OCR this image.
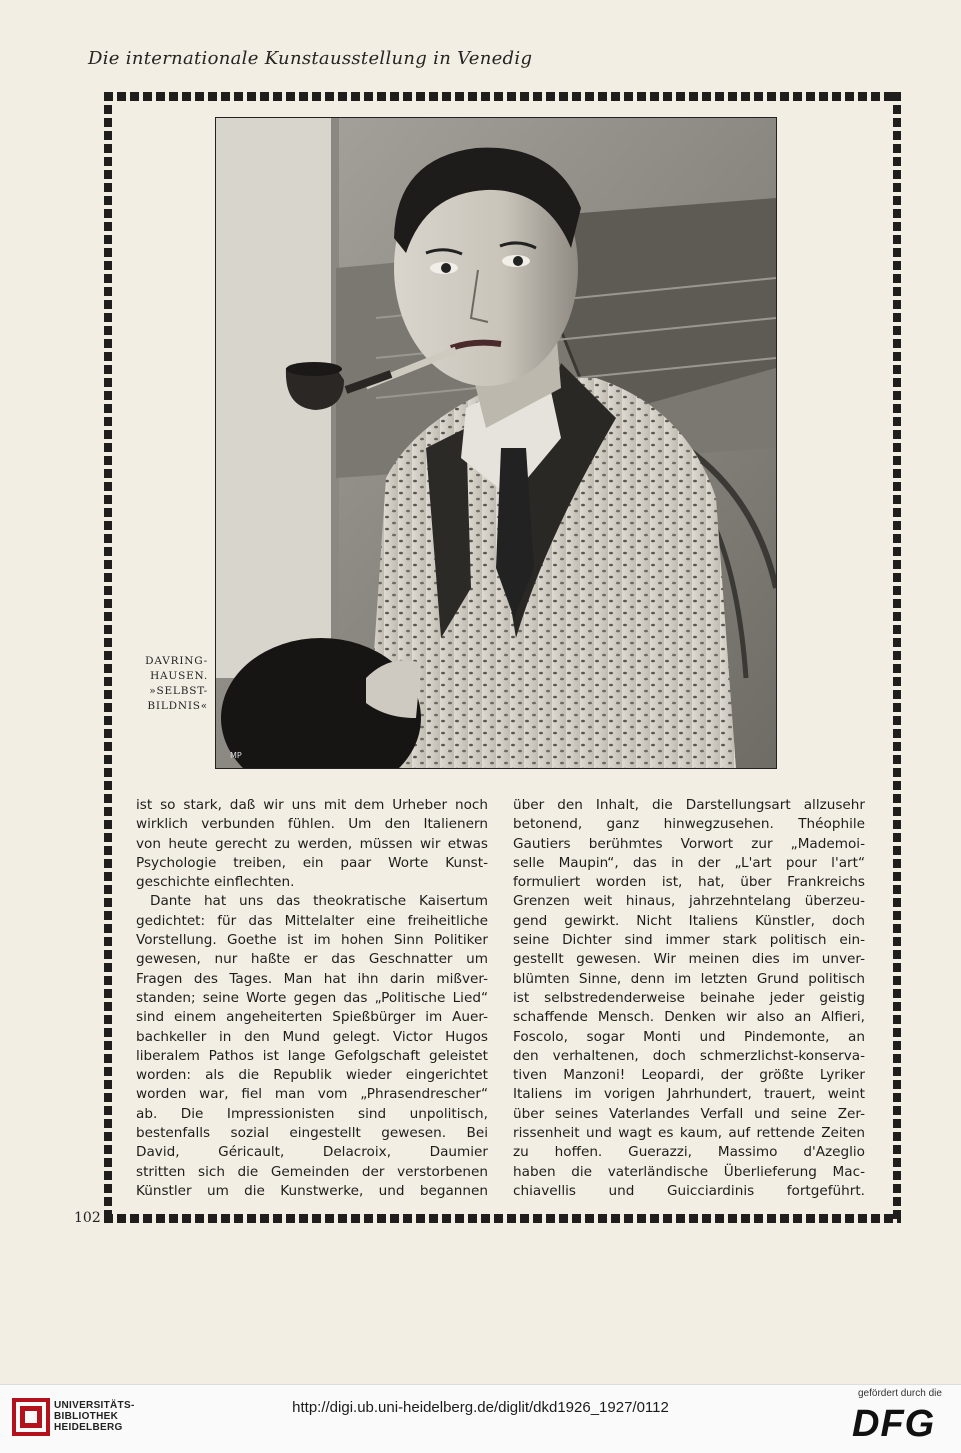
Die internationale Kunstausstellung in Venedig
MP
DAVRING-
HAUSEN.
»SELBST-
BILDNIS«
ist so stark, daß wir uns mit dem Urheber noch
wirklich verbunden fühlen. Um den Italienern
von heute gerecht zu werden, müssen wir etwas
Psychologie treiben, ein paar Worte Kunst-
geschichte einflechten.
Dante hat uns das theokratische Kaisertum
gedichtet: für das Mittelalter eine freiheitliche
Vorstellung. Goethe ist im hohen Sinn Politiker
gewesen, nur haßte er das Geschnatter um
Fragen des Tages. Man hat ihn darin mißver-
standen; seine Worte gegen das „Politische Lied“
sind einem angeheiterten Spießbürger im Auer-
bachkeller in den Mund gelegt. Victor Hugos
liberalem Pathos ist lange Gefolgschaft geleistet
worden: als die Republik wieder eingerichtet
worden war, fiel man vom „Phrasendrescher“
ab. Die Impressionisten sind unpolitisch,
bestenfalls sozial eingestellt gewesen. Bei
David, Géricault, Delacroix, Daumier
stritten sich die Gemeinden der verstorbenen
Künstler um die Kunstwerke, und begannen
über den Inhalt, die Darstellungsart allzusehr
betonend, ganz hinwegzusehen. Théophile
Gautiers berühmtes Vorwort zur „Mademoi-
selle Maupin“, das in der „L'art pour l'art“
formuliert worden ist, hat, über Frankreichs
Grenzen weit hinaus, jahrzehntelang überzeu-
gend gewirkt. Nicht Italiens Künstler, doch
seine Dichter sind immer stark politisch ein-
gestellt gewesen. Wir meinen dies im unver-
blümten Sinne, denn im letzten Grund politisch
ist selbstredenderweise beinahe jeder geistig
schaffende Mensch. Denken wir also an Alfieri,
Foscolo, sogar Monti und Pindemonte, an
den verhaltenen, doch schmerzlichst-konserva-
tiven Manzoni! Leopardi, der größte Lyriker
Italiens im vorigen Jahrhundert, trauert, weint
über seines Vaterlandes Verfall und seine Zer-
rissenheit und wagt es kaum, auf rettende Zeiten
zu hoffen. Guerazzi, Massimo d'Azeglio
haben die vaterländische Überlieferung Mac-
chiavellis und Guicciardinis fortgeführt.
102
UNIVERSITÄTS-
BIBLIOTHEK
HEIDELBERG
http://digi.ub.uni-heidelberg.de/diglit/dkd1926_1927/0112
gefördert durch die
DFG
